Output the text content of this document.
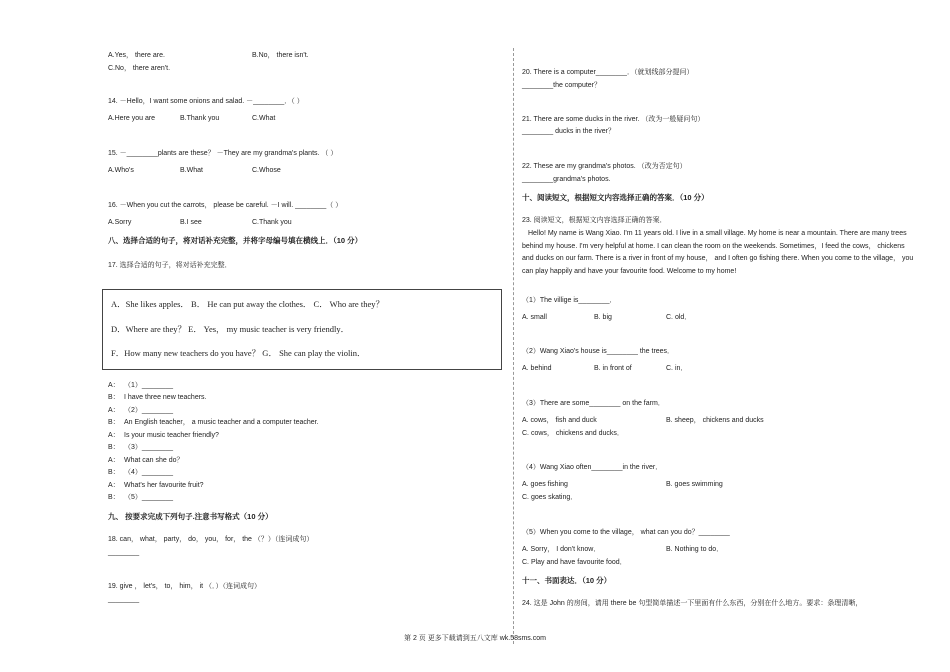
A.Yes， there are.	B.No， there isn't.
C.No， there aren't.
14. －Hello，I want some onions and salad. －________．（ ）
A.Here you are	B.Thank you	C.What
15. －________plants are these？ －They are my grandma's plants. （ ）
A.Who's	B.What	C.Whose
16. －When you cut the carrots， please be careful. －I will. ________（ ）
A.Sorry	B.I see	C.Thank you
八、选择合适的句子，将对话补充完整，并将字母编号填在横线上．（10 分）
17. 选择合适的句子，将对话补充完整．
A．She likes apples． B． He can put away the clothes． C． Who are they？
D．Where are they？ E． Yes， my music teacher is very friendly．
F．How many new teachers do you have？ G． She can play the violin．
A： （1）________
B： I have three new teachers.
A： （2）________
B： An English teacher， a music teacher and a computer teacher.
A： Is your music teacher friendly?
B： （3）________
A： What can she do？
B： （4）________
A： What's her favourite fruit?
B： （5）________
九、 按要求完成下列句子.注意书写格式（10 分）
18. can， what， party， do， you， for， the （？）（连词成句）
________
19. give ， let's， to， him， it （．）（连词成句）
________
20. There is a computer________．（就划线部分提问）
________the computer？
21. There are some ducks in the river. （改为一般疑问句）
________ ducks in the river？
22. These are my grandma's photos. （改为否定句）
________grandma's photos.
十、阅读短文，根据短文内容选择正确的答案．（10 分）
23. 阅读短文，根据短文内容选择正确的答案．
Hello! My name is Wang Xiao. I'm 11 years old. I live in a small village. My home is near a mountain. There are many trees behind my house. I'm very helpful at home. I can clean the room on the weekends. Sometimes，I feed the cows， chickens and ducks on our farm. There is a river in front of my house， and I often go fishing there. When you come to the village， you can play happily and have your favourite food. Welcome to my home!
（1）The villige is________．
A. small	B. big	C. old．
（2）Wang Xiao's house is________ the trees．
A. behind	B. in front of	C. in．
（3）There are some________ on the farm．
A. cows， fish and duck	B. sheep， chickens and ducks
C. cows， chickens and ducks．
（4）Wang Xiao often________in the river．
A. goes fishing	B. goes swimming
C. goes skating．
（5）When you come to the village， what can you do？________
A. Sorry， I don't know．	B. Nothing to do．
C. Play and have favourite food．
十一、书面表达．（10 分）
24. 这是 John 的房间，请用 there be 句型简单描述一下里面有什么东西，分别在什么地方。要求：条理清晰，
第 2 页 更多下载请到五八文库 wk.58sms.com
